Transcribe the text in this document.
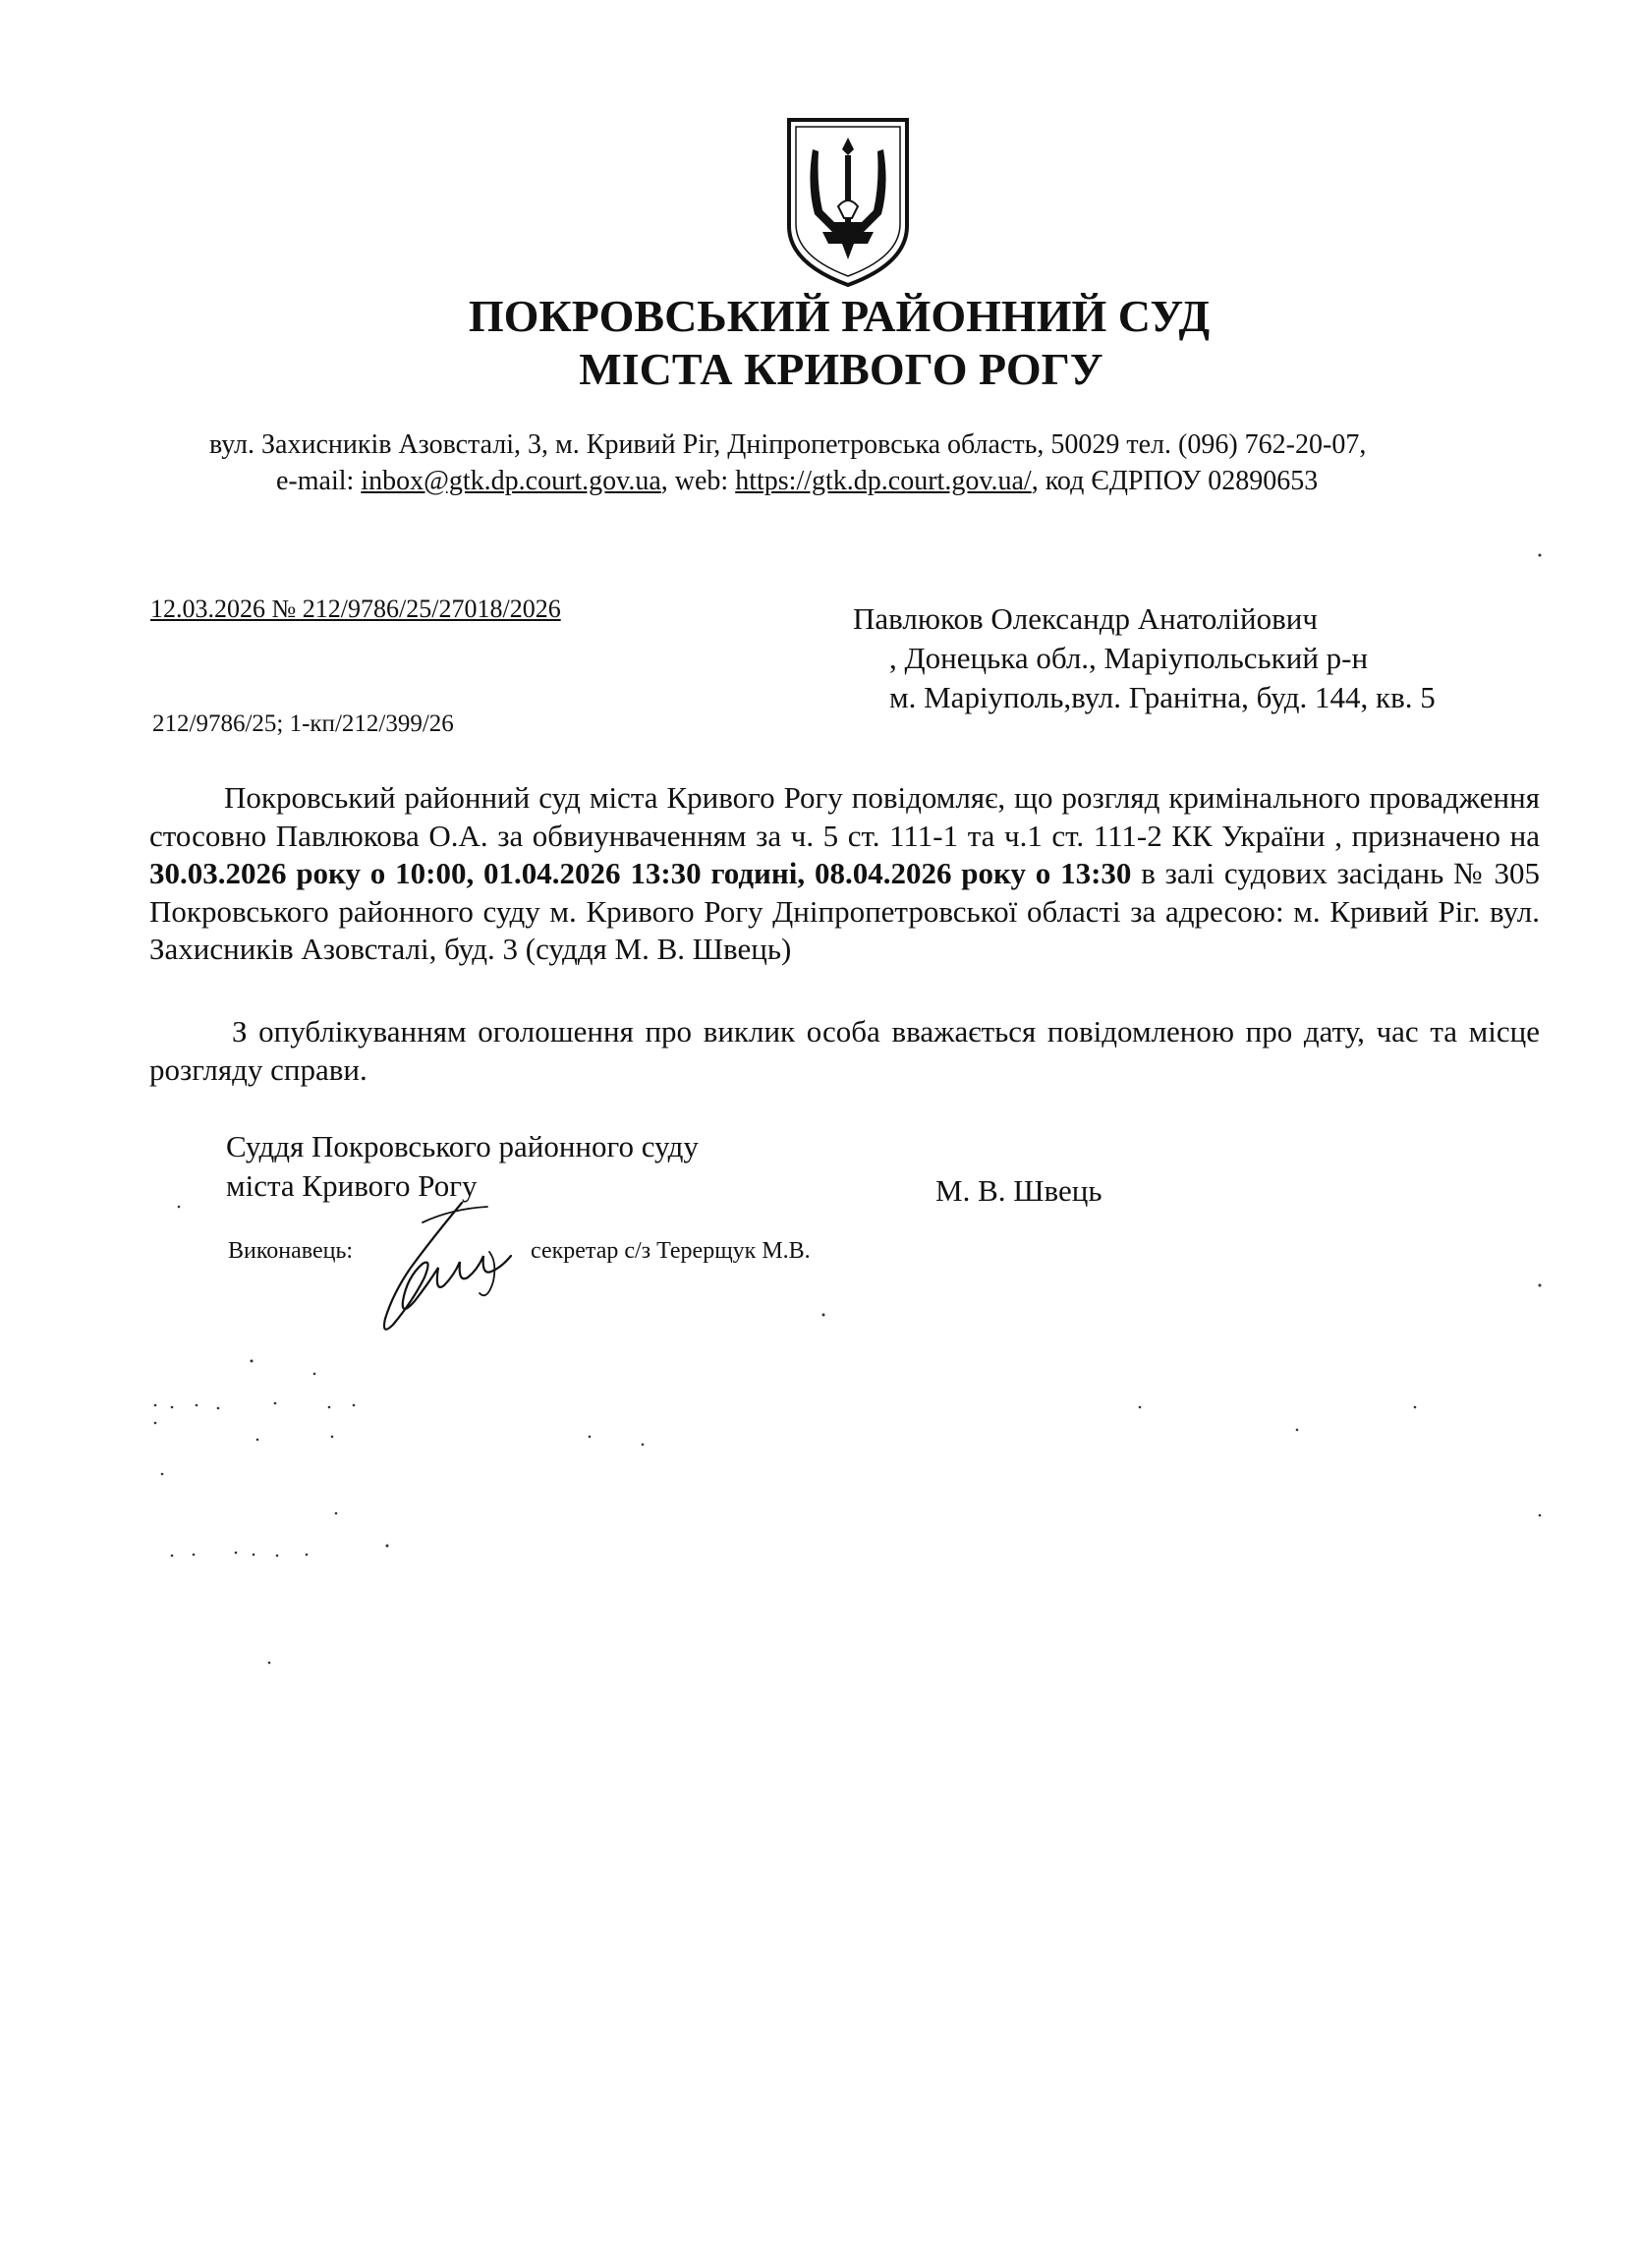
ПОКРОВСЬКИЙ РАЙОННИЙ СУД
МІСТА КРИВОГО РОГУ
вул. Захисників Азовсталі, 3, м. Кривий Ріг, Дніпропетровська область, 50029 тел. (096) 762-20-07,
e-mail: inbox@gtk.dp.court.gov.ua, web: https://gtk.dp.court.gov.ua/, код ЄДРПОУ 02890653
12.03.2026 № 212/9786/25/27018/2026
212/9786/25; 1-кп/212/399/26
Павлюков Олександр Анатолійович
, Донецька обл., Маріупольський р-н
м. Маріуполь,вул. Гранітна, буд. 144, кв. 5

Покровський районний суд міста Кривого Рогу повідомляє, що розгляд кримінального провадження стосовно Павлюкова О.А. за обвиунваченням за ч. 5 ст. 111-1 та ч.1 ст. 111-2 КК України , призначено на 30.03.2026 року о 10:00, 01.04.2026 13:30 годині, 08.04.2026 року о 13:30 в залі судових засідань № 305 Покровського районного суду м. Кривого Рогу Дніпропетровської області за адресою: м. Кривий Ріг. вул. Захисників Азовсталі, буд. 3 (суддя М. В. Швець)

З опублікуванням оголошення про виклик особа вважається повідомленою про дату, час та місце розгляду справи.

Суддя Покровського районного суду
міста Кривого Рогу	М. В. Швець
Виконавець:	секретар с/з Терерщук М.В.
